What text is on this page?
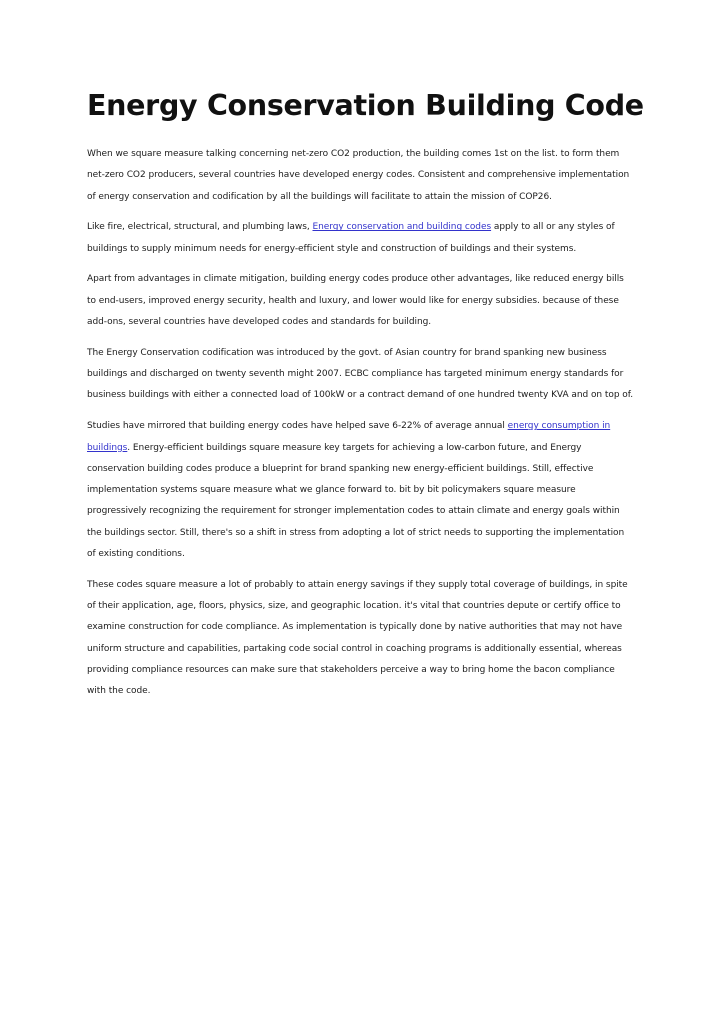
Energy Conservation Building Code

When we square measure talking concerning net-zero CO2 production, the building comes 1st on the list. to form them net-zero CO2 producers, several countries have developed energy codes. Consistent and comprehensive implementation of energy conservation and codification by all the buildings will facilitate to attain the mission of COP26.

Like fire, electrical, structural, and plumbing laws, Energy conservation and building codes apply to all or any styles of buildings to supply minimum needs for energy-efficient style and construction of buildings and their systems.

Apart from advantages in climate mitigation, building energy codes produce other advantages, like reduced energy bills to end-users, improved energy security, health and luxury, and lower would like for energy subsidies. because of these add-ons, several countries have developed codes and standards for building.

The Energy Conservation codification was introduced by the govt. of Asian country for brand spanking new business buildings and discharged on twenty seventh might 2007. ECBC compliance has targeted minimum energy standards for business buildings with either a connected load of 100kW or a contract demand of one hundred twenty KVA and on top of.

Studies have mirrored that building energy codes have helped save 6-22% of average annual energy consumption in buildings. Energy-efficient buildings square measure key targets for achieving a low-carbon future, and Energy conservation building codes produce a blueprint for brand spanking new energy-efficient buildings. Still, effective implementation systems square measure what we glance forward to. bit by bit policymakers square measure progressively recognizing the requirement for stronger implementation codes to attain climate and energy goals within the buildings sector. Still, there's so a shift in stress from adopting a lot of strict needs to supporting the implementation of existing conditions.

These codes square measure a lot of probably to attain energy savings if they supply total coverage of buildings, in spite of their application, age, floors, physics, size, and geographic location. it's vital that countries depute or certify office to examine construction for code compliance. As implementation is typically done by native authorities that may not have uniform structure and capabilities, partaking code social control in coaching programs is additionally essential, whereas providing compliance resources can make sure that stakeholders perceive a way to bring home the bacon compliance with the code.
